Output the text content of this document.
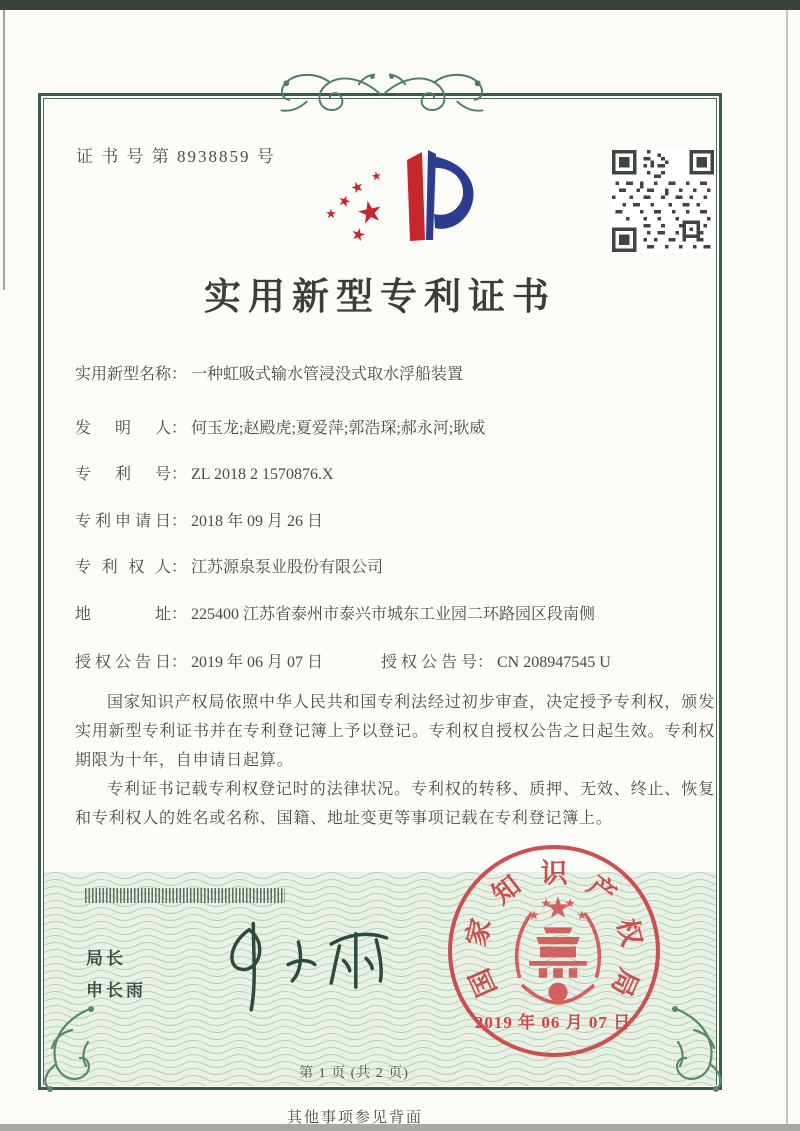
证 书 号 第 8938859 号
★
★
★
★
★
★
实用新型专利证书
实用新型名称 ： 一种虹吸式输水管浸没式取水浮船装置
发明人 ： 何玉龙;赵殿虎;夏爱萍;郭浩琛;郝永河;耿威
专利号 ： ZL 2018 2 1570876.X
专利申请日 ： 2018 年 09 月 26 日
专利权人 ： 江苏源泉泵业股份有限公司
地址 ： 225400 江苏省泰州市泰兴市城东工业园二环路园区段南侧
授权公告日 ： 2019 年 06 月 07 日	授权公告号 ： CN 208947545 U

国家知识产权局依照中华人民共和国专利法经过初步审查，决定授予专利权，颁发实用新型专利证书并在专利登记簿上予以登记。专利权自授权公告之日起生效。专利权期限为十年，自申请日起算。

专利证书记载专利权登记时的法律状况。专利权的转移、质押、无效、终止、恢复和专利权人的姓名或名称、国籍、地址变更等事项记载在专利登记簿上。

局长
申长雨	国
家
知 识 产
权
局
2019 年 06 月 07 日
第 1 页 (共 2 页)
其他事项参见背面
